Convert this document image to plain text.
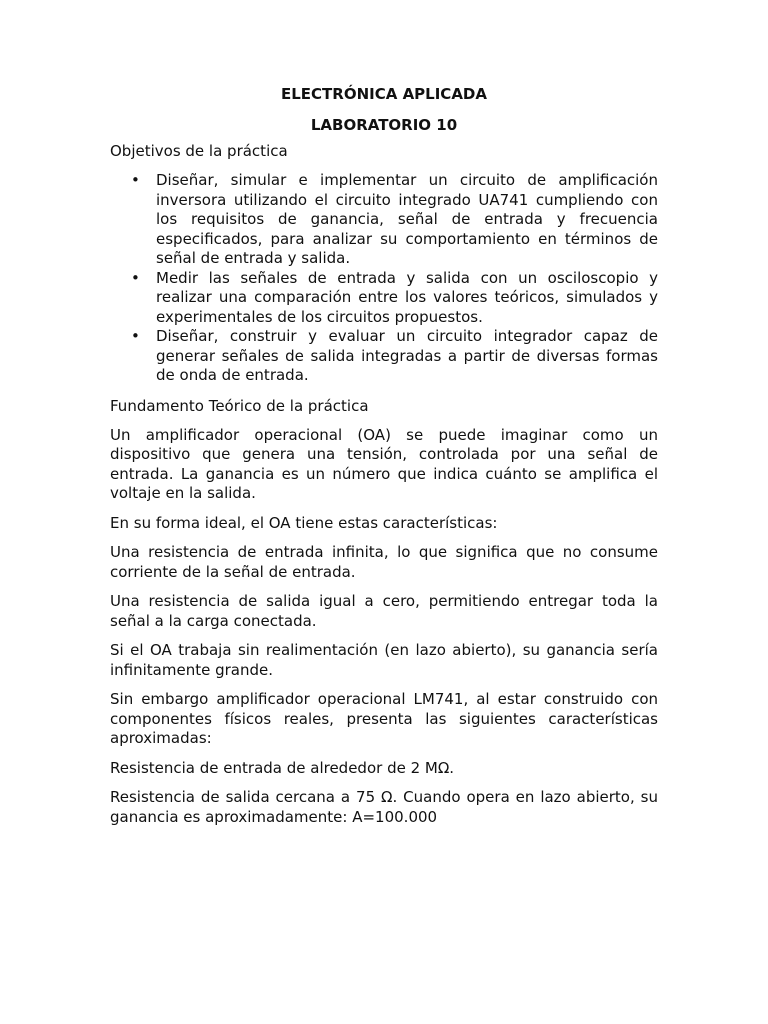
ELECTRÓNICA APLICADA

LABORATORIO 10

Objetivos de la práctica

• Diseñar, simular e implementar un circuito de amplificación inversora utilizando el circuito integrado UA741 cumpliendo con los requisitos de ganancia, señal de entrada y frecuencia especificados, para analizar su comportamiento en términos de señal de entrada y salida.
• Medir las señales de entrada y salida con un osciloscopio y realizar una comparación entre los valores teóricos, simulados y experimentales de los circuitos propuestos.
• Diseñar, construir y evaluar un circuito integrador capaz de generar señales de salida integradas a partir de diversas formas de onda de entrada.

Fundamento Teórico de la práctica

Un amplificador operacional (OA) se puede imaginar como un dispositivo que genera una tensión, controlada por una señal de entrada. La ganancia es un número que indica cuánto se amplifica el voltaje en la salida.

En su forma ideal, el OA tiene estas características:

Una resistencia de entrada infinita, lo que significa que no consume corriente de la señal de entrada.

Una resistencia de salida igual a cero, permitiendo entregar toda la señal a la carga conectada.

Si el OA trabaja sin realimentación (en lazo abierto), su ganancia sería infinitamente grande.

Sin embargo amplificador operacional LM741, al estar construido con componentes físicos reales, presenta las siguientes características aproximadas:

Resistencia de entrada de alrededor de 2 MΩ.

Resistencia de salida cercana a 75 Ω. Cuando opera en lazo abierto, su ganancia es aproximadamente: A=100.000
